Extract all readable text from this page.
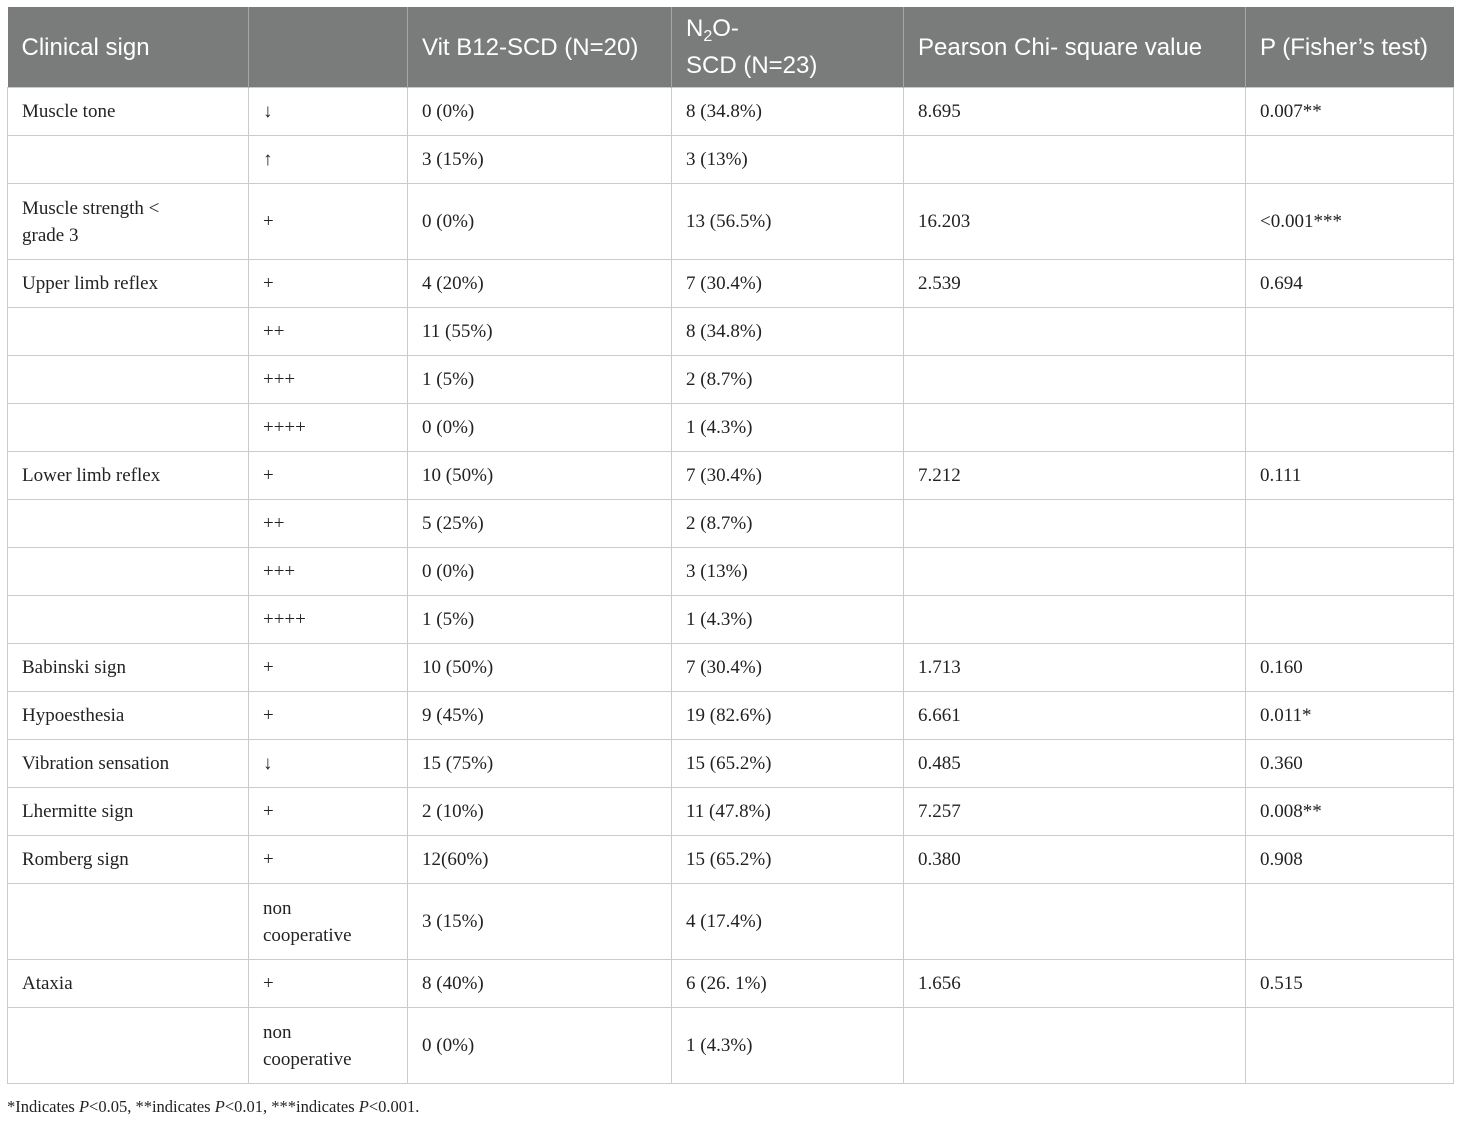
Clinical sign		Vit B12-SCD (N=20)	$N_2O-$
SCD (N=23)	Pearson Chi- square value	P (Fisher’s test)
Muscle tone	↓	0 (0%)	8 (34.8%)	8.695	0.007**
	↑	3 (15%)	3 (13%)		
Muscle strength <
grade 3	+	0 (0%)	13 (56.5%)	16.203	<0.001***
Upper limb reflex	+	4 (20%)	7 (30.4%)	2.539	0.694
	++	11 (55%)	8 (34.8%)		
	+++	1 (5%)	2 (8.7%)		
	++++	0 (0%)	1 (4.3%)		
Lower limb reflex	+	10 (50%)	7 (30.4%)	7.212	0.111
	++	5 (25%)	2 (8.7%)		
	+++	0 (0%)	3 (13%)		
	++++	1 (5%)	1 (4.3%)		
Babinski sign	+	10 (50%)	7 (30.4%)	1.713	0.160
Hypoesthesia	+	9 (45%)	19 (82.6%)	6.661	0.011*
Vibration sensation	↓	15 (75%)	15 (65.2%)	0.485	0.360
Lhermitte sign	+	2 (10%)	11 (47.8%)	7.257	0.008**
Romberg sign	+	12(60%)	15 (65.2%)	0.380	0.908
	non
cooperative	3 (15%)	4 (17.4%)		
Ataxia	+	8 (40%)	6 (26. 1%)	1.656	0.515
	non
cooperative	0 (0%)	1 (4.3%)		
*Indicates P<0.05, **indicates P<0.01, ***indicates P<0.001.
